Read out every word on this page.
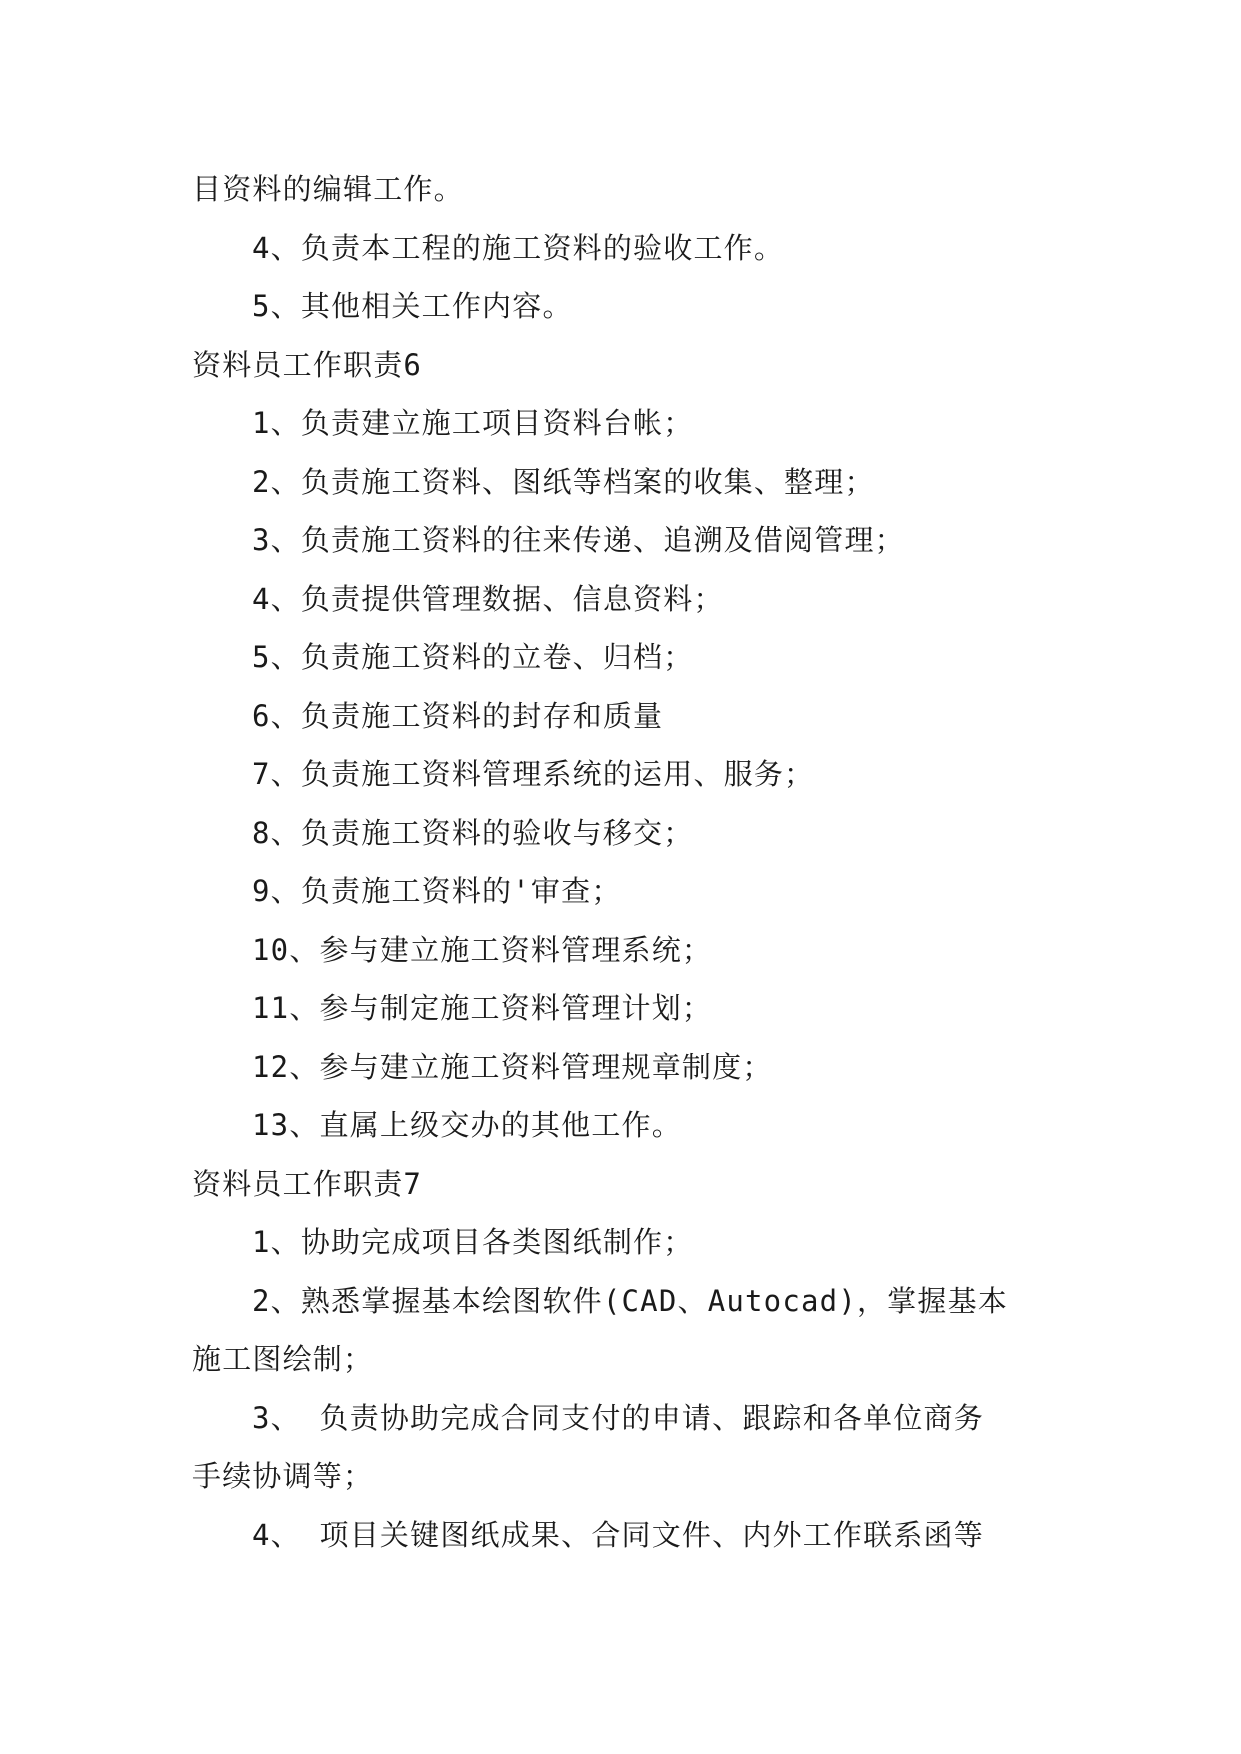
目资料的编辑工作。
4、负责本工程的施工资料的验收工作。
5、其他相关工作内容。
资料员工作职责6
1、负责建立施工项目资料台帐；
2、负责施工资料、图纸等档案的收集、整理；
3、负责施工资料的往来传递、追溯及借阅管理；
4、负责提供管理数据、信息资料；
5、负责施工资料的立卷、归档；
6、负责施工资料的封存和质量
7、负责施工资料管理系统的运用、服务；
8、负责施工资料的验收与移交；
9、负责施工资料的'审查；
10、参与建立施工资料管理系统；
11、参与制定施工资料管理计划；
12、参与建立施工资料管理规章制度；
13、直属上级交办的其他工作。
资料员工作职责7
1、协助完成项目各类图纸制作；
2、熟悉掌握基本绘图软件(CAD、Autocad)，掌握基本
施工图绘制；
3、 负责协助完成合同支付的申请、跟踪和各单位商务
手续协调等；
4、 项目关键图纸成果、合同文件、内外工作联系函等
